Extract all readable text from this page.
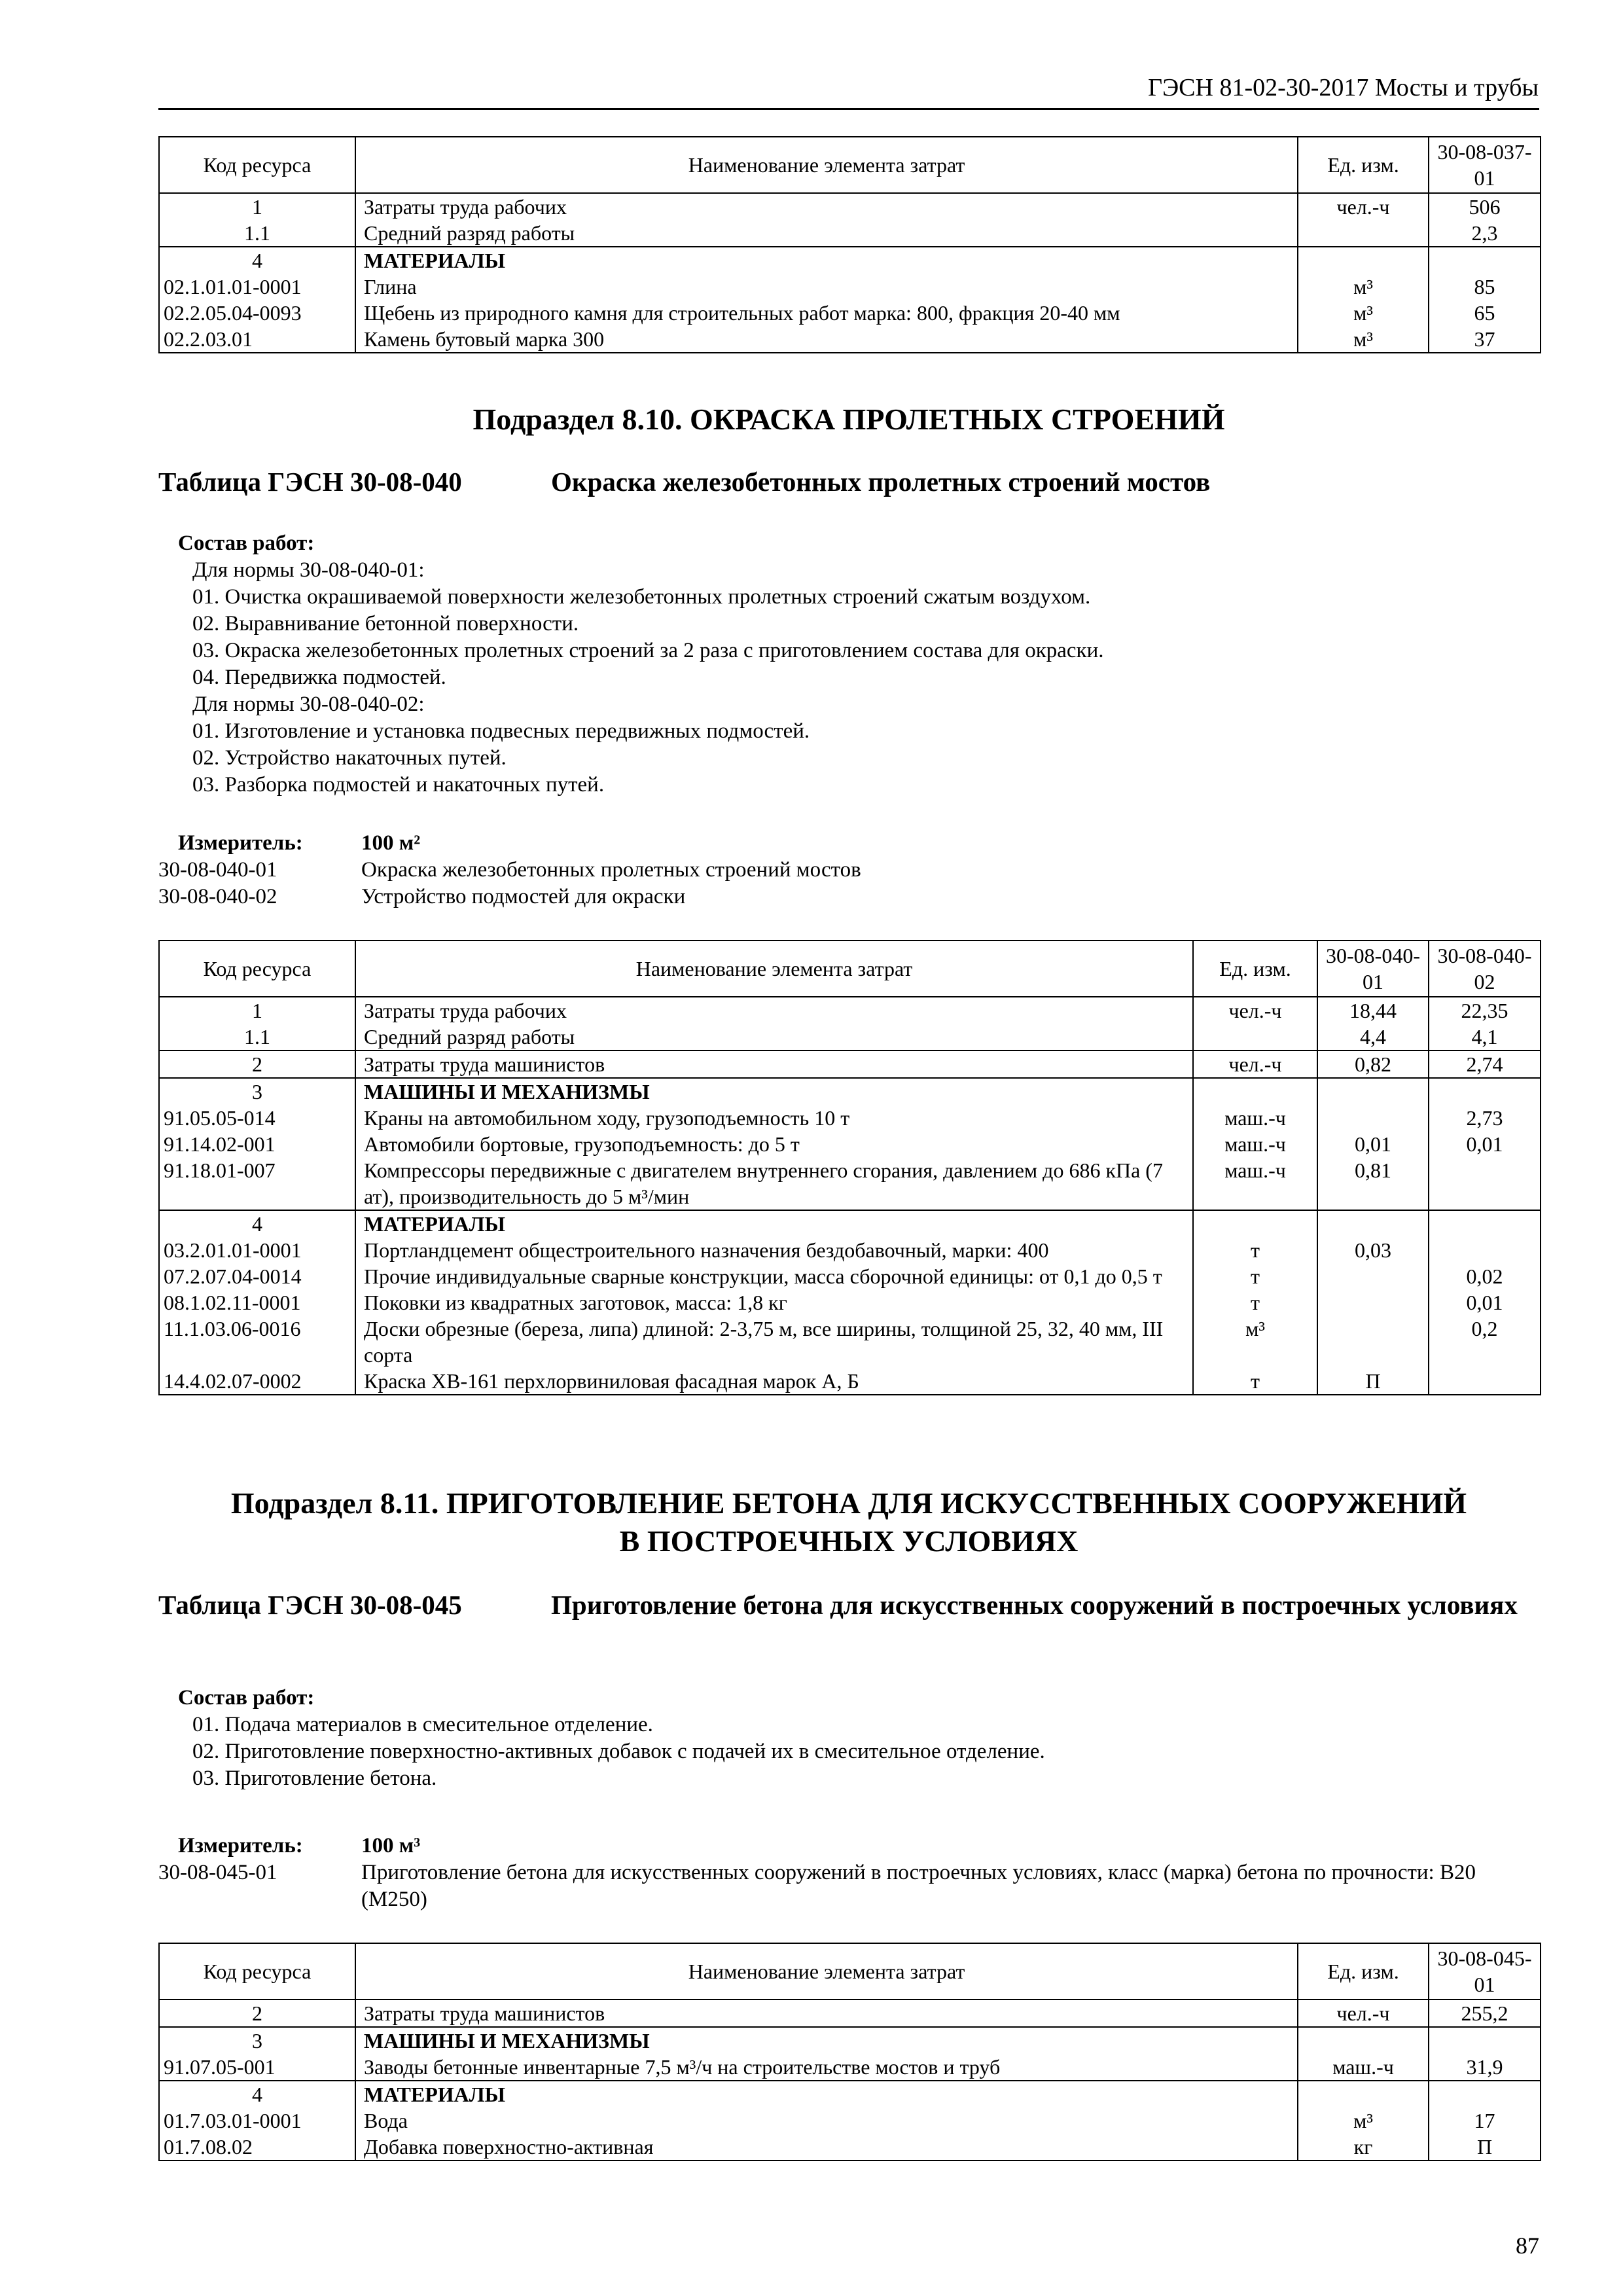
ГЭСН 81-02-30-2017 Мосты и трубы
Код ресурса	Наименование элемента затрат	Ед. изм.	30-08-037-01
1	Затраты труда рабочих	чел.-ч	506
1.1	Средний разряд работы		2,3
4	МАТЕРИАЛЫ		
02.1.01.01-0001	Глина	м³	85
02.2.05.04-0093	Щебень из природного камня для строительных работ марка: 800, фракция 20-40 мм	м³	65
02.2.03.01	Камень бутовый марка 300	м³	37
Подраздел 8.10. ОКРАСКА ПРОЛЕТНЫХ СТРОЕНИЙ
Таблица ГЭСН 30-08-040	Окраска железобетонных пролетных строений мостов
Состав работ:
Для нормы 30-08-040-01:
01. Очистка окрашиваемой поверхности железобетонных пролетных строений сжатым воздухом.
02. Выравнивание бетонной поверхности.
03. Окраска железобетонных пролетных строений за 2 раза с приготовлением состава для окраски.
04. Передвижка подмостей.
Для нормы 30-08-040-02:
01. Изготовление и установка подвесных передвижных подмостей.
02. Устройство накаточных путей.
03. Разборка подмостей и накаточных путей.
Измеритель:	100 м²
30-08-040-01	Окраска железобетонных пролетных строений мостов
30-08-040-02	Устройство подмостей для окраски
Код ресурса	Наименование элемента затрат	Ед. изм.	30-08-040-01	30-08-040-02
1	Затраты труда рабочих	чел.-ч	18,44	22,35
1.1	Средний разряд работы		4,4	4,1
2	Затраты труда машинистов	чел.-ч	0,82	2,74
3	МАШИНЫ И МЕХАНИЗМЫ			
91.05.05-014	Краны на автомобильном ходу, грузоподъемность 10 т	маш.-ч		2,73
91.14.02-001	Автомобили бортовые, грузоподъемность: до 5 т	маш.-ч	0,01	0,01
91.18.01-007	Компрессоры передвижные с двигателем внутреннего сгорания, давлением до 686 кПа (7 ат), производительность до 5 м³/мин	маш.-ч	0,81	
4	МАТЕРИАЛЫ			
03.2.01.01-0001	Портландцемент общестроительного назначения бездобавочный, марки: 400	т	0,03	
07.2.07.04-0014	Прочие индивидуальные сварные конструкции, масса сборочной единицы: от 0,1 до 0,5 т	т		0,02
08.1.02.11-0001	Поковки из квадратных заготовок, масса: 1,8 кг	т		0,01
11.1.03.06-0016	Доски обрезные (береза, липа) длиной: 2-3,75 м, все ширины, толщиной 25, 32, 40 мм, III сорта	м³		0,2
14.4.02.07-0002	Краска ХВ-161 перхлорвиниловая фасадная марок А, Б	т	П	
Подраздел 8.11. ПРИГОТОВЛЕНИЕ БЕТОНА ДЛЯ ИСКУССТВЕННЫХ СООРУЖЕНИЙ
В ПОСТРОЕЧНЫХ УСЛОВИЯХ
Таблица ГЭСН 30-08-045	Приготовление бетона для искусственных сооружений в построечных условиях
Состав работ:
01. Подача материалов в смесительное отделение.
02. Приготовление поверхностно-активных добавок с подачей их в смесительное отделение.
03. Приготовление бетона.
Измеритель:	100 м³
30-08-045-01	Приготовление бетона для искусственных сооружений в построечных условиях, класс (марка) бетона по прочности: B20 (M250)
Код ресурса	Наименование элемента затрат	Ед. изм.	30-08-045-01
2	Затраты труда машинистов	чел.-ч	255,2
3	МАШИНЫ И МЕХАНИЗМЫ		
91.07.05-001	Заводы бетонные инвентарные 7,5 м³/ч на строительстве мостов и труб	маш.-ч	31,9
4	МАТЕРИАЛЫ		
01.7.03.01-0001	Вода	м³	17
01.7.08.02	Добавка поверхностно-активная	кг	П
87
